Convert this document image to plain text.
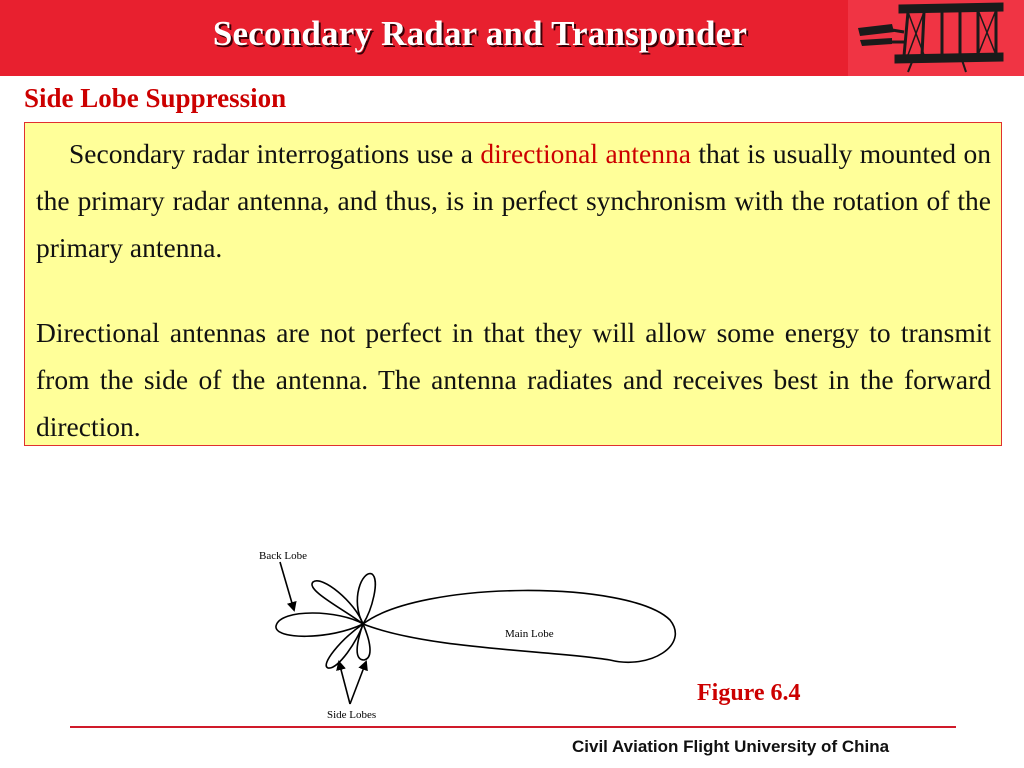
Secondary Radar and Transponder
Side Lobe Suppression

Secondary radar interrogations use a directional antenna that is usually mounted on the primary radar antenna, and thus, is in perfect synchronism with the rotation of the primary antenna.

Directional antennas are not perfect in that they will allow some energy to transmit from the side of the antenna. The antenna radiates and receives best in the forward direction.

Back Lobe
Main Lobe
Side Lobes
Figure 6.4
Civil Aviation Flight University of China
